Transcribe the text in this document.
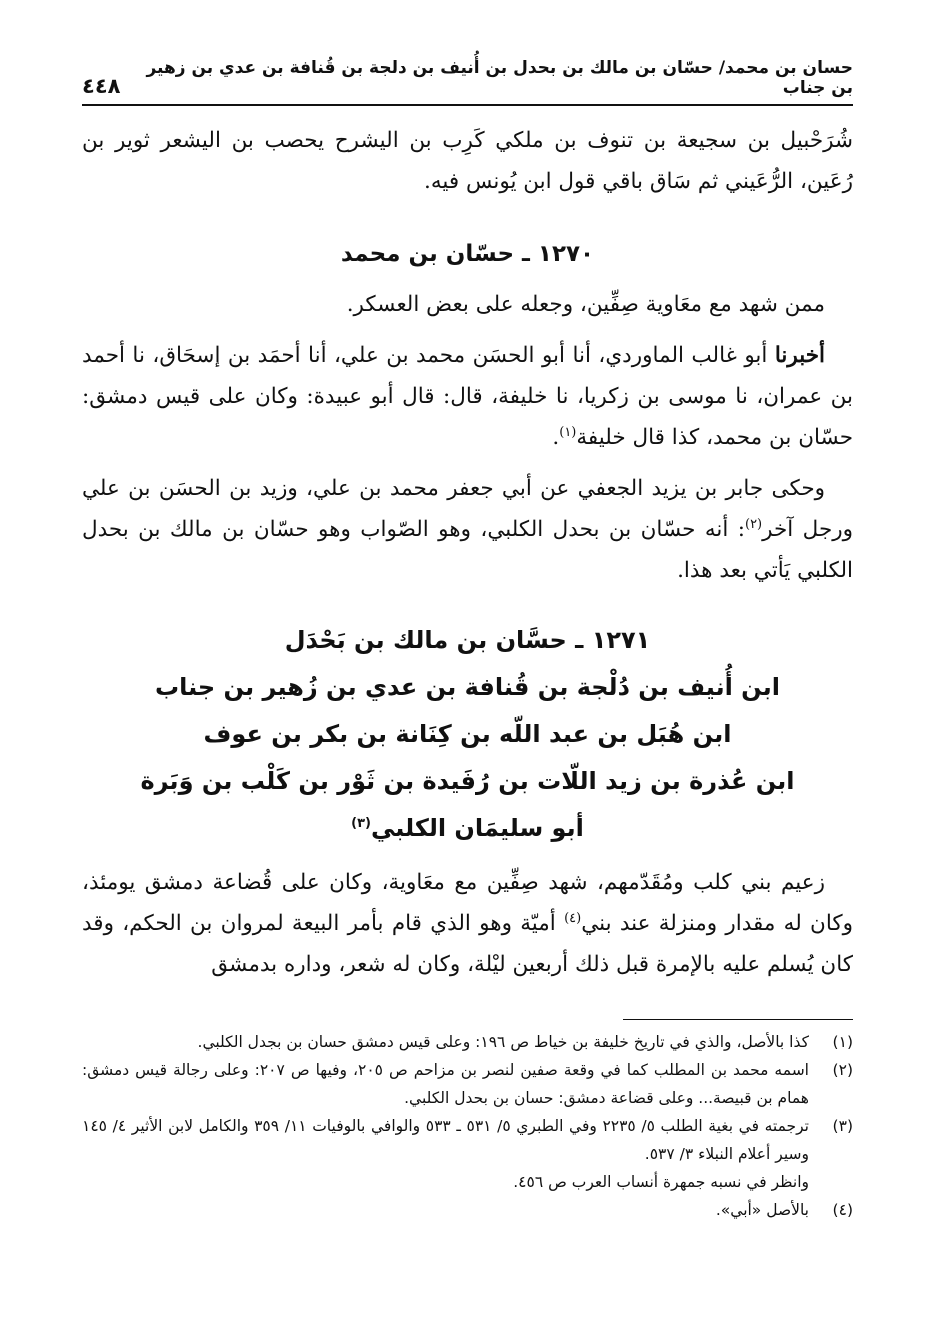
حسان بن محمد/ حسّان بن مالك بن بحدل بن أُنيف بن دلجة بن قُنافة بن عدي بن زهير بن جناب
٤٤٨

شُرَحْبيل بن سجيعة بن تنوف بن ملكي كَرِب بن اليشرح يحصب بن اليشعر ثوير بن رُعَين، الرُّعَيني ثم سَاق باقي قول ابن يُونس فيه.

١٢٧٠ ـ حسّان بن محمد

ممن شهد مع معَاوية صِفِّين، وجعله على بعض العسكر.

أخبرنا أبو غالب الماوردي، أنا أبو الحسَن محمد بن علي، أنا أحمَد بن إسحَاق، نا أحمد بن عمران، نا موسى بن زكريا، نا خليفة، قال: قال أبو عبيدة: وكان على قيس دمشق: حسّان بن محمد، كذا قال خليفة$^{(١)}$.

وحكى جابر بن يزيد الجعفي عن أبي جعفر محمد بن علي، وزيد بن الحسَن بن علي ورجل آخر$^{(٢)}$: أنه حسّان بن بحدل الكلبي، وهو الصّواب وهو حسّان بن مالك بن بحدل الكلبي يَأتي بعد هذا.

١٢٧١ ـ حسَّان بن مالك بن بَحْدَل
ابن أُنيف بن دُلْجة بن قُنافة بن عدي بن زُهير بن جناب
ابن هُبَل بن عبد اللّه بن كِنَانة بن بكر بن عوف
ابن عُذرة بن زيد اللّات بن رُفَيدة بن ثَوْر بن كَلْب بن وَبَرة
أبو سليمَان الكلبي$^{(٣)}$

زعيم بني كلب ومُقَدّمهم، شهد صِفِّين مع معَاوية، وكان على قُضاعة دمشق يومئذ، وكان له مقدار ومنزلة عند بني$^{(٤)}$ أميّة وهو الذي قام بأمر البيعة لمروان بن الحكم، وقد كان يُسلم عليه بالإمرة قبل ذلك أربعين ليْلة، وكان له شعر، وداره بدمشق

(١)
كذا بالأصل، والذي في تاريخ خليفة بن خياط ص ١٩٦: وعلى قيس دمشق حسان بن بجدل الكلبي.
(٢)
اسمه محمد بن المطلب كما في وقعة صفين لنصر بن مزاحم ص ٢٠٥، وفيها ص ٢٠٧: وعلى رجالة قيس دمشق: همام بن قبيصة... وعلى قضاعة دمشق: حسان بن بحدل الكلبي.
(٣)
ترجمته في بغية الطلب ٥/ ٢٢٣٥ وفي الطبري ٥/ ٥٣١ ـ ٥٣٣ والوافي بالوفيات ١١/ ٣٥٩ والكامل لابن الأثير ٤/ ١٤٥ وسير أعلام النبلاء ٣/ ٥٣٧.
وانظر في نسبه جمهرة أنساب العرب ص ٤٥٦.
(٤)
بالأصل «أبي».
